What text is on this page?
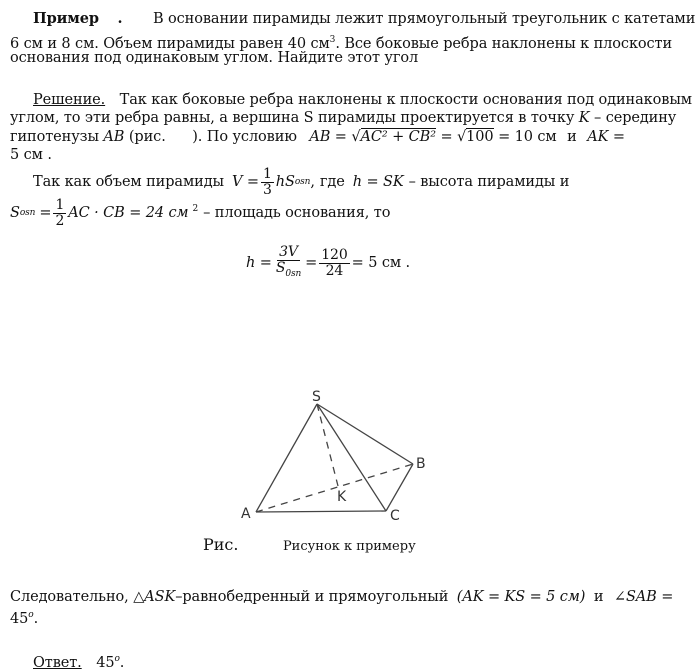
Пример . В основании пирамиды лежит прямоугольный треугольник с катетами
6 см и 8 см. Объем пирамиды равен 40 $см^3$. Все боковые ребра наклонены к плоскости
основания под одинаковым углом. Найдите этот угол
Решение. Так как боковые ребра наклонены к плоскости основания под одинаковым
углом, то эти ребра равны, а вершина S пирамиды проектируется в точку K – середину
гипотенузы AB (рис. ). По условию AB = √AC² + CB² = √100 = 10 см и AK =
5 см .
Так как объем пирамиды $V = \frac{1}{3}$ hS osn , где h = SK – высота пирамиды и
S osn = $\frac{1}{2}$ AC · CB = 24 см $^2$ – площадь основания, то
$h = \frac{3V}{S_{0sn}} = \frac{120}{24} = 5$ см .
S
A
B
C
K
Рис.	Рисунок к примеру
Следовательно, △ASK–равнобедренный и прямоугольный (AK = KS = 5 см) и ∠SAB =
$45^o$.
Ответ. 45$^o$.
